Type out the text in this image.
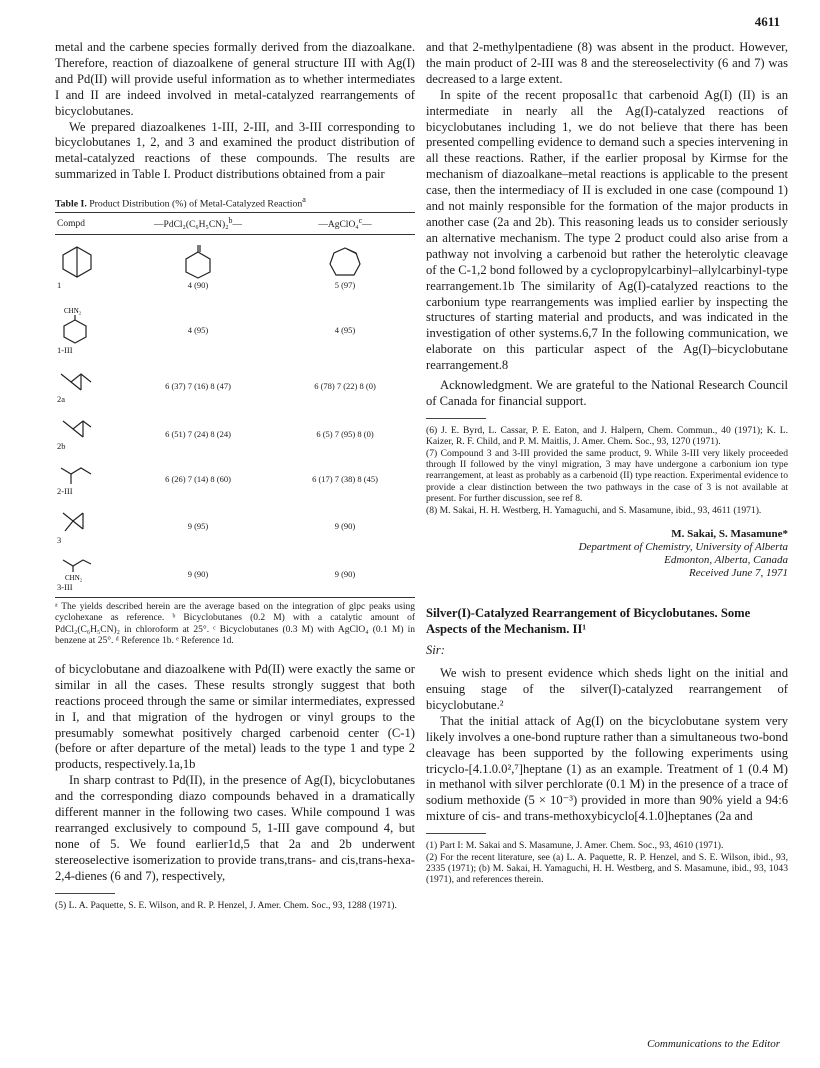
4611

metal and the carbene species formally derived from the diazoalkane. Therefore, reaction of diazoalkene of general structure III with Ag(I) and Pd(II) will provide useful information as to whether intermediates I and II are indeed involved in metal-catalyzed rearrangements of bicyclobutanes.

We prepared diazoalkenes 1-III, 2-III, and 3-III corresponding to bicyclobutanes 1, 2, and 3 and examined the product distribution of metal-catalyzed reactions of these compounds. The results are summarized in Table I. Product distributions obtained from a pair

Table I. Product Distribution (%) of Metal-Catalyzed Reaction$^a$
Compd	—PdCl₂(C₆H₅CN)₂$^b$—	—AgClO₄$^c$—

1	4 (90)	5 (97)

CHN₂
1-III	4 (95)	4 (95)

2a	6 (37) 7 (16) 8 (47)	6 (78) 7 (22) 8 (0)

2b	6 (51) 7 (24) 8 (24)	6 (5) 7 (95) 8 (0)

2-III	6 (26) 7 (14) 8 (60)	6 (17) 7 (38) 8 (45)

3	9 (95)	9 (90)

CHN₂
3-III	9 (90)	9 (90)
ᵃ The yields described herein are the average based on the integration of glpc peaks using cyclohexane as reference. ᵇ Bicyclobutanes (0.2 M) with a catalytic amount of PdCl₂(C₆H₅CN)₂ in chloroform at 25°. ᶜ Bicyclobutanes (0.3 M) with AgClO₄ (0.1 M) in benzene at 25°. ᵈ Reference 1b. ᵉ Reference 1d.

of bicyclobutane and diazoalkene with Pd(II) were exactly the same or similar in all the cases. These results strongly suggest that both reactions proceed through the same or similar intermediates, expressed in I, and that migration of the hydrogen or vinyl groups to the presumably somewhat positively charged carbenoid center (C-1) (before or after departure of the metal) leads to the type 1 and type 2 products, respectively.1a,1b

In sharp contrast to Pd(II), in the presence of Ag(I), bicyclobutanes and the corresponding diazo compounds behaved in a dramatically different manner in the following two cases. While compound 1 was rearranged exclusively to compound 5, 1-III gave compound 4, but none of 5. We found earlier1d,5 that 2a and 2b underwent stereoselective isomerization to provide trans,trans- and cis,trans-hexa-2,4-dienes (6 and 7), respectively,

(5) L. A. Paquette, S. E. Wilson, and R. P. Henzel, J. Amer. Chem. Soc., 93, 1288 (1971).

and that 2-methylpentadiene (8) was absent in the product. However, the main product of 2-III was 8 and the stereoselectivity (6 and 7) was decreased to a large extent.

In spite of the recent proposal1c that carbenoid Ag(I) (II) is an intermediate in nearly all the Ag(I)-catalyzed reactions of bicyclobutanes including 1, we do not believe that there has been presented compelling evidence to demand such a species intervening in all these reactions. Rather, if the earlier proposal by Kirmse for the mechanism of diazoalkane–metal reactions is applicable to the present case, then the intermediacy of II is excluded in one case (compound 1) and not mainly responsible for the formation of the major products in another case (2a and 2b). This reasoning leads us to consider seriously an alternative mechanism. The type 2 product could also arise from a pathway not involving a carbenoid but rather the heterolytic cleavage of the C-1,2 bond followed by a cyclopropylcarbinyl–allylcarbinyl-type rearrangement.1b The similarity of Ag(I)-catalyzed reactions to the carbonium type rearrangements was implied earlier by inspecting the structures of starting material and products, and was indicated in the investigation of other systems.6,7 In the following communication, we elaborate on this particular aspect of the Ag(I)–bicyclobutane rearrangement.8

Acknowledgment. We are grateful to the National Research Council of Canada for financial support.

(6) J. E. Byrd, L. Cassar, P. E. Eaton, and J. Halpern, Chem. Commun., 40 (1971); K. L. Kaizer, R. F. Child, and P. M. Maitlis, J. Amer. Chem. Soc., 93, 1270 (1971).

(7) Compound 3 and 3-III provided the same product, 9. While 3-III very likely proceeded through II followed by the vinyl migration, 3 may have undergone a carbonium ion type rearrangement, at least as probably as a carbenoid (II) type reaction. Experimental evidence to provide a clear distinction between the two pathways in the case of 3 is not available at present. For further discussion, see ref 8.

(8) M. Sakai, H. H. Westberg, H. Yamaguchi, and S. Masamune, ibid., 93, 4611 (1971).

M. Sakai, S. Masamune*
Department of Chemistry, University of Alberta
Edmonton, Alberta, Canada
Received June 7, 1971
Silver(I)-Catalyzed Rearrangement of Bicyclobutanes. Some Aspects of the Mechanism. II¹
Sir:

We wish to present evidence which sheds light on the initial and ensuing stage of the silver(I)-catalyzed rearrangement of bicyclobutane.²

That the initial attack of Ag(I) on the bicyclobutane system very likely involves a one-bond rupture rather than a simultaneous two-bond cleavage has been supported by the following experiments using tricyclo-[4.1.0.0²,⁷]heptane (1) as an example. Treatment of 1 (0.4 M) in methanol with silver perchlorate (0.1 M) in the presence of a trace of sodium methoxide (5 × 10⁻³) provided in more than 90% yield a 94:6 mixture of cis- and trans-methoxybicyclo[4.1.0]heptanes (2a and

(1) Part I: M. Sakai and S. Masamune, J. Amer. Chem. Soc., 93, 4610 (1971).

(2) For the recent literature, see (a) L. A. Paquette, R. P. Henzel, and S. E. Wilson, ibid., 93, 2335 (1971); (b) M. Sakai, H. Yamaguchi, H. H. Westberg, and S. Masamune, ibid., 93, 1043 (1971), and references therein.

Communications to the Editor
